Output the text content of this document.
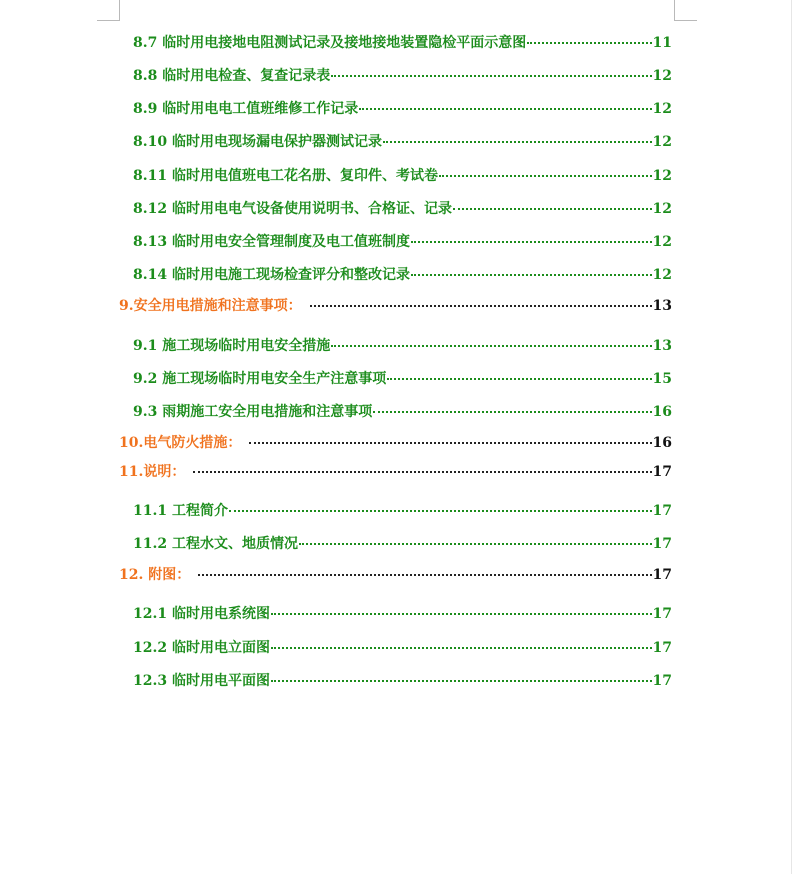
8.7 临时用电接地电阻测试记录及接地接地装置隐检平面示意图	11
8.8 临时用电检查、复查记录表	12
8.9 临时用电电工值班维修工作记录	12
8.10 临时用电现场漏电保护器测试记录	12
8.11 临时用电值班电工花名册、复印件、考试卷	12
8.12 临时用电电气设备使用说明书、合格证、记录	12
8.13 临时用电安全管理制度及电工值班制度	12
8.14 临时用电施工现场检查评分和整改记录	12
9.安全用电措施和注意事项：	13
9.1 施工现场临时用电安全措施	13
9.2 施工现场临时用电安全生产注意事项	15
9.3 雨期施工安全用电措施和注意事项	16
10.电气防火措施：	16
11.说明：	17
11.1 工程简介	17
11.2 工程水文、地质情况	17
12. 附图：	17
12.1 临时用电系统图	17
12.2 临时用电立面图	17
12.3 临时用电平面图	17
